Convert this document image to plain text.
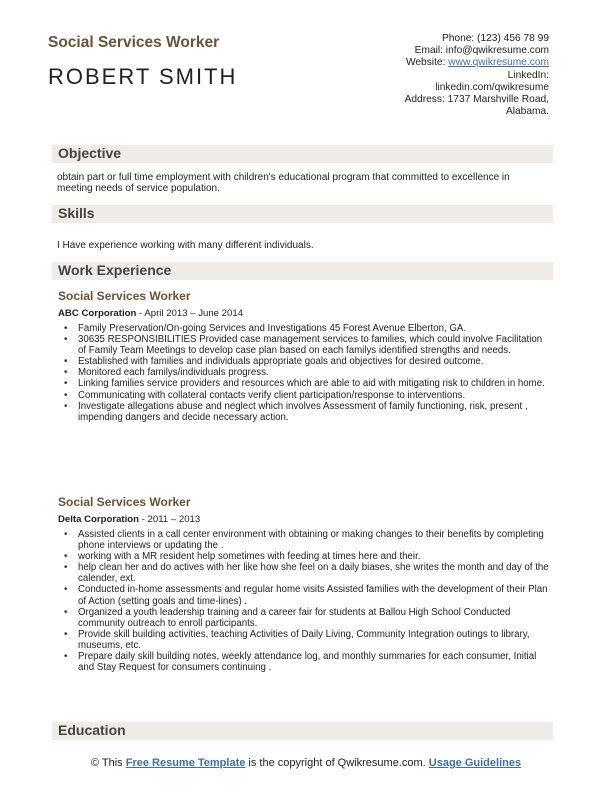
Social Services Worker
ROBERT SMITH
Phone: (123) 456 78 99
Email: info@qwikresume.com
Website: www.qwikresume.com
LinkedIn:
linkedin.com/qwikresume
Address: 1737 Marshville Road,
Alabama.
Objective
obtain part or full time employment with children's educational program that committed to excellence in meeting needs of service population.
Skills
I Have experience working with many different individuals.
Work Experience
Social Services Worker
ABC Corporation - April 2013 – June 2014
• Family Preservation/On-going Services and Investigations 45 Forest Avenue Elberton, GA.
• 30635 RESPONSIBILITIES Provided case management services to families, which could involve Facilitation of Family Team Meetings to develop case plan based on each familys identified strengths and needs.
• Established with families and individuals appropriate goals and objectives for desired outcome.
• Monitored each familys/individuals progress.
• Linking families service providers and resources which are able to aid with mitigating risk to children in home.
• Communicating with collateral contacts verify client participation/response to interventions.
• Investigate allegations abuse and neglect which involves Assessment of family functioning, risk, present , impending dangers and decide necessary action.
Social Services Worker
Delta Corporation - 2011 – 2013
• Assisted clients in a call center environment with obtaining or making changes to their benefits by completing phone interviews or updating the .
• working with a MR resident help sometimes with feeding at times here and their.
• help clean her and do actives with her like how she feel on a daily biases, she writes the month and day of the calender, ext.
• Conducted in-home assessments and regular home visits Assisted families with the development of their Plan of Action (setting goals and time-lines) .
• Organized a youth leadership training and a career fair for students at Ballou High School Conducted community outreach to enroll participants.
• Provide skill building activities, teaching Activities of Daily Living, Community Integration outings to library, museums, etc.
• Prepare daily skill building notes, weekly attendance log, and monthly summaries for each consumer, Initial and Stay Request for consumers continuing .
Education
© This Free Resume Template is the copyright of Qwikresume.com. Usage Guidelines
